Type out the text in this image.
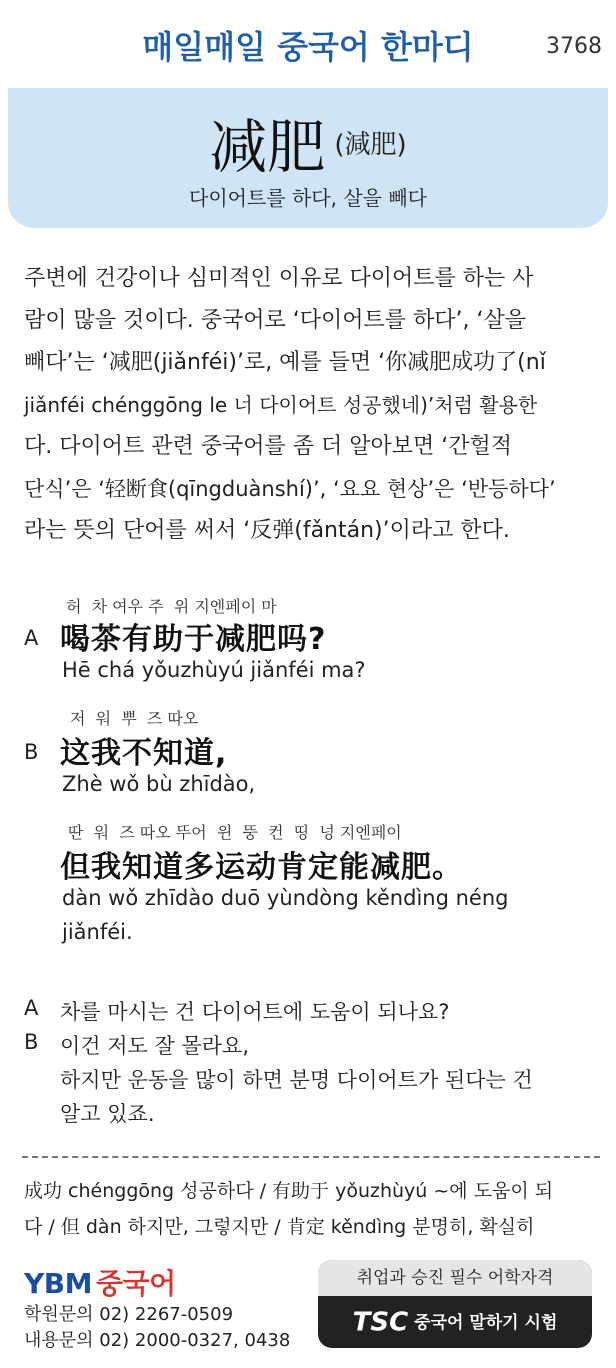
매일매일 중국어 한마디	3768
减肥 (減肥)
다이어트를 하다, 살을 빼다
주변에 건강이나 심미적인 이유로 다이어트를 하는 사
람이 많을 것이다. 중국어로 ‘다이어트를 하다’, ‘살을
빼다’는 ‘减肥(jiǎnféi)’로, 예를 들면 ‘你减肥成功了(nǐ
jiǎnféi chénggōng le 너 다이어트 성공했네)’처럼 활용한
다. 다이어트 관련 중국어를 좀 더 알아보면 ‘간헐적
단식’은 ‘轻断食(qīngduànshí)’, ‘요요 현상’은 ‘반등하다’
라는 뜻의 단어를 써서 ‘反弹(fǎntán)’이라고 한다.
허  차 여우 주  위 지엔페이 마
A 喝茶有助于减肥吗?
Hē chá yǒuzhùyú jiǎnféi ma?
저  워  뿌  즈 따오
B 这我不知道,
Zhè wǒ bù zhīdào,
딴  워  즈 따오 뚜어  윈  뚱  컨  띵  넝 지엔페이
但我知道多运动肯定能减肥。
dàn wǒ zhīdào duō yùndòng kěndìng néng
jiǎnféi.
A 차를 마시는 건 다이어트에 도움이 되나요?
B 이건 저도 잘 몰라요,
하지만 운동을 많이 하면 분명 다이어트가 된다는 건
알고 있죠.
成功 chénggōng 성공하다 / 有助于 yǒuzhùyú ~에 도움이 되
다 / 但 dàn 하지만, 그렇지만 / 肯定 kěndìng 분명히, 확실히
YBM 중국어
학원문의 02) 2267-0509
내용문의 02) 2000-0327, 0438
취업과 승진 필수 어학자격
TSC 중국어 말하기 시험
